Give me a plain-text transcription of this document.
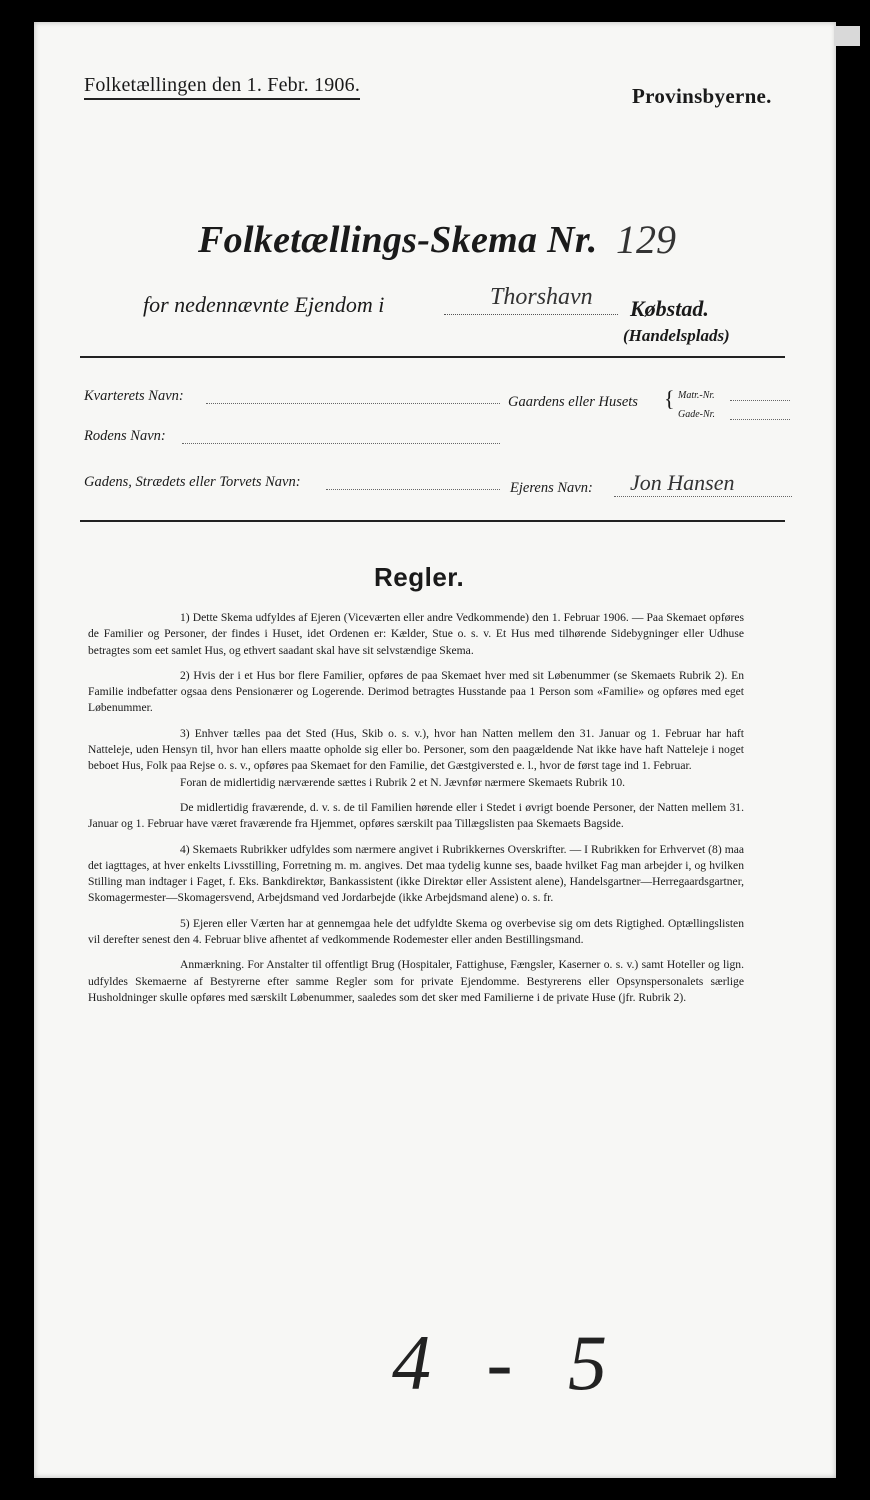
Folketællingen den 1. Febr. 1906.	Provinsbyerne.
Folketællings-Skema Nr. 129
for nedennævnte Ejendom i	Thorshavn Købstad.
(Handelsplads)
Kvarterets Navn:	Gaardens eller Husets { Matr.-Nr.
Gade-Nr.
Rodens Navn:
Gadens, Strædets eller Torvets Navn:	Ejerens Navn: Jon Hansen
Regler.

1) Dette Skema udfyldes af Ejeren (Viceværten eller andre Vedkommende) den 1. Februar 1906. — Paa Skemaet opføres de Familier og Personer, der findes i Huset, idet Ordenen er: Kælder, Stue o. s. v. Et Hus med tilhørende Sidebygninger eller Udhuse betragtes som eet samlet Hus, og ethvert saadant skal have sit selvstændige Skema.

2) Hvis der i et Hus bor flere Familier, opføres de paa Skemaet hver med sit Løbenummer (se Skemaets Rubrik 2). En Familie indbefatter ogsaa dens Pensionærer og Logerende. Derimod betragtes Husstande paa 1 Person som «Familie» og opføres med eget Løbenummer.

3) Enhver tælles paa det Sted (Hus, Skib o. s. v.), hvor han Natten mellem den 31. Januar og 1. Februar har haft Natteleje, uden Hensyn til, hvor han ellers maatte opholde sig eller bo. Personer, som den paagældende Nat ikke have haft Natteleje i noget beboet Hus, Folk paa Rejse o. s. v., opføres paa Skemaet for den Familie, det Gæstgiversted e. l., hvor de først tage ind 1. Februar.

Foran de midlertidig nærværende sættes i Rubrik 2 et N. Jævnfør nærmere Skemaets Rubrik 10.

De midlertidig fraværende, d. v. s. de til Familien hørende eller i Stedet i øvrigt boende Personer, der Natten mellem 31. Januar og 1. Februar have været fraværende fra Hjemmet, opføres særskilt paa Tillægslisten paa Skemaets Bagside.

4) Skemaets Rubrikker udfyldes som nærmere angivet i Rubrikkernes Overskrifter. — I Rubrikken for Erhvervet (8) maa det iagttages, at hver enkelts Livsstilling, Forretning m. m. angives. Det maa tydelig kunne ses, baade hvilket Fag man arbejder i, og hvilken Stilling man indtager i Faget, f. Eks. Bankdirektør, Bankassistent (ikke Direktør eller Assistent alene), Handelsgartner—Herregaardsgartner, Skomagermester—Skomagersvend, Arbejdsmand ved Jordarbejde (ikke Arbejdsmand alene) o. s. fr.

5) Ejeren eller Værten har at gennemgaa hele det udfyldte Skema og overbevise sig om dets Rigtighed. Optællingslisten vil derefter senest den 4. Februar blive afhentet af vedkommende Rodemester eller anden Bestillingsmand.

Anmærkning. For Anstalter til offentligt Brug (Hospitaler, Fattighuse, Fængsler, Kaserner o. s. v.) samt Hoteller og lign. udfyldes Skemaerne af Bestyrerne efter samme Regler som for private Ejendomme. Bestyrerens eller Opsynspersonalets særlige Husholdninger skulle opføres med særskilt Løbenummer, saaledes som det sker med Familierne i de private Huse (jfr. Rubrik 2).

4 - 5
